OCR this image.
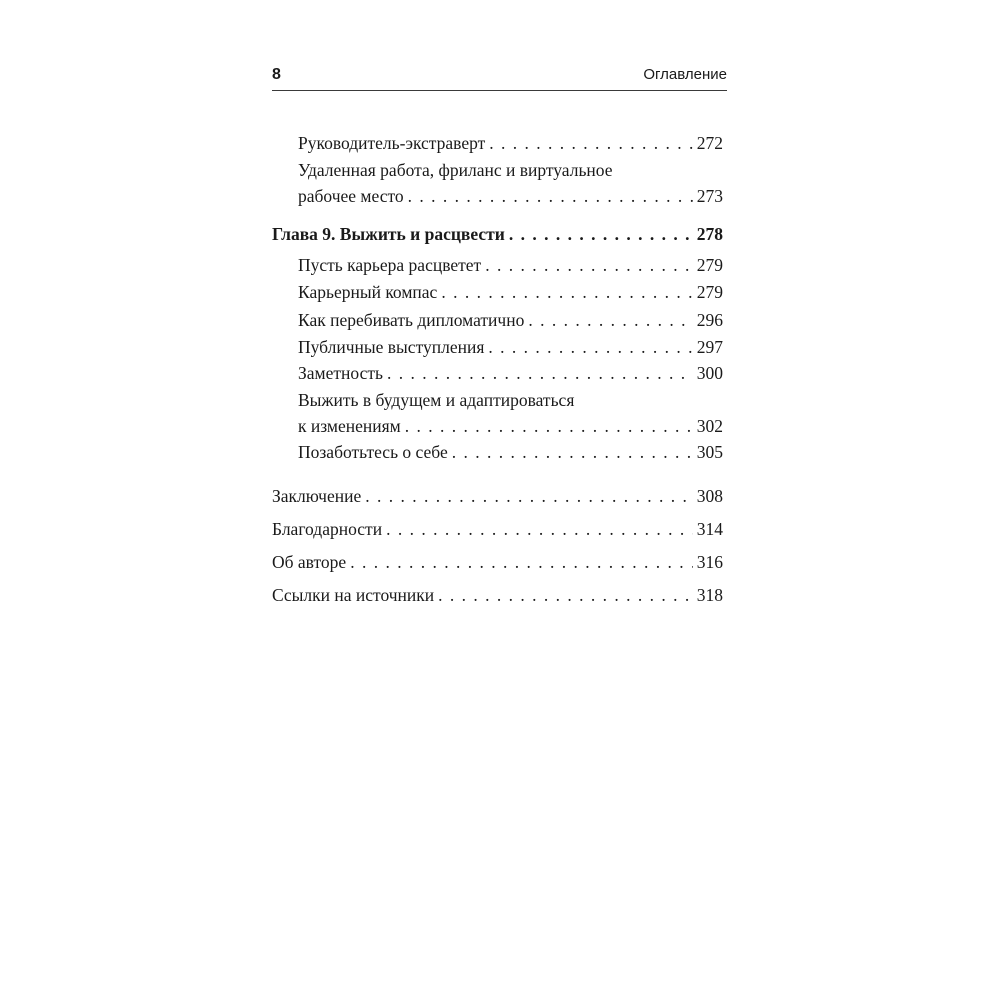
8	Оглавление
Руководитель-экстраверт . . .	272
Удаленная работа, фриланс и виртуальное
рабочее место . . .	273
Глава 9. Выжить и расцвести . . .	278
Пусть карьера расцветет . . .	279
Карьерный компас . . .	279
Как перебивать дипломатично . . .	296
Публичные выступления . . .	297
Заметность . . .	300
Выжить в будущем и адаптироваться
к изменениям . . .	302
Позаботьтесь о себе . . .	305
Заключение . . .	308
Благодарности . . .	314
Об авторе . . .	316
Ссылки на источники . . .	318
